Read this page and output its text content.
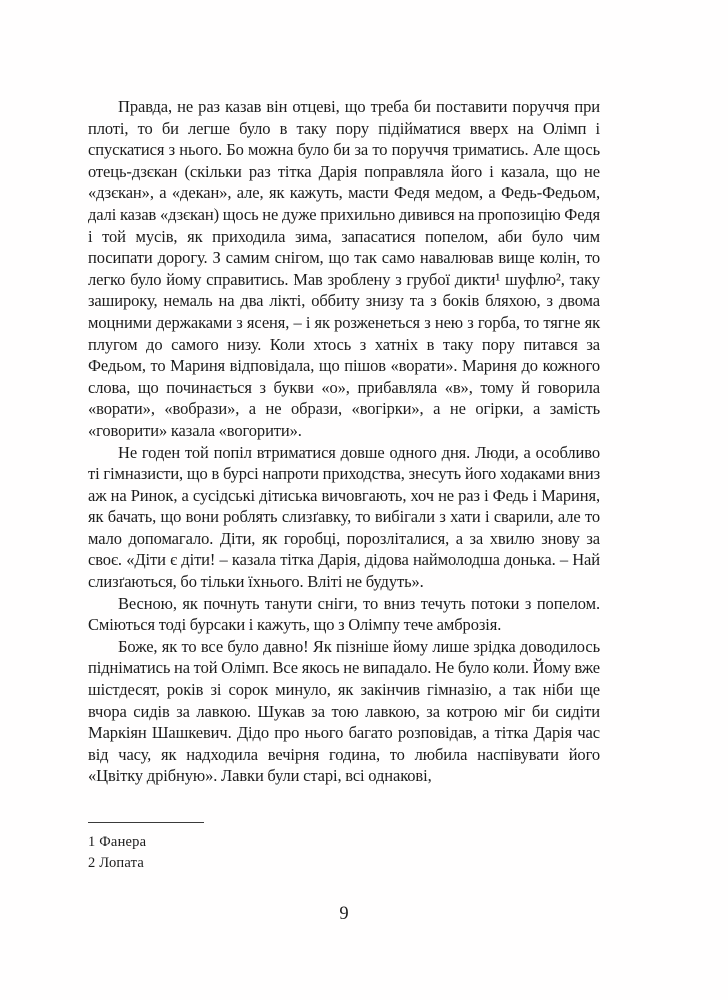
Правда, не раз казав він отцеві, що треба би поставити поруччя при плоті, то би легше було в таку пору підійматися вверх на Олімп і спускатися з нього. Бо можна було би за то поруччя триматись. Але щось отець-дзєкан (скільки раз тітка Дарія поправляла його і казала, що не «дзєкан», а «декан», але, як кажуть, масти Федя медом, а Федь-Федьом, далі казав «дзєкан) щось не дуже прихильно дивився на пропозицію Федя і той мусів, як приходила зима, запасатися попелом, аби було чим посипати дорогу. З самим снігом, що так само навалював вище колін, то легко було йому справитись. Мав зроблену з грубої дикти¹ шуфлю², таку зашироку, немаль на два лікті, оббиту знизу та з боків бляхою, з двома моцними держаками з ясеня, – і як розженеться з нею з горба, то тягне як плугом до самого низу. Коли хтось з хатніх в таку пору питався за Федьом, то Мариня відповідала, що пішов «ворати». Мариня до кожного слова, що починається з букви «о», прибавляла «в», тому й говорила «ворати», «вобрази», а не образи, «вогірки», а не огірки, а замість «говорити» казала «вогорити».

Не годен той попіл втриматися довше одного дня. Люди, а особливо ті гімназисти, що в бурсі напроти приходства, знесуть його ходаками вниз аж на Ринок, а сусідські дітиська вичовгають, хоч не раз і Федь і Мариня, як бачать, що вони роблять слизґавку, то вибігали з хати і сварили, але то мало допомагало. Діти, як горобці, порозліталися, а за хвилю знову за своє. «Діти є діти! – казала тітка Дарія, дідова наймолодша донька. – Най слизґаються, бо тільки їхнього. Вліті не будуть».

Весною, як почнуть танути сніги, то вниз течуть потоки з попелом. Сміються тоді бурсаки і кажуть, що з Олімпу тече амброзія.

Боже, як то все було давно! Як пізніше йому лише зрідка доводилось підніматись на той Олімп. Все якось не випадало. Не було коли. Йому вже шістдесят, років зі сорок минуло, як закінчив гімназію, а так ніби ще вчора сидів за лавкою. Шукав за тою лавкою, за котрою міг би сидіти Маркіян Шашкевич. Дідо про нього багато розповідав, а тітка Дарія час від часу, як надходила вечірня година, то любила наспівувати його «Цвітку дрібную». Лавки були старі, всі однакові,

1 Фанера
2 Лопата
9
